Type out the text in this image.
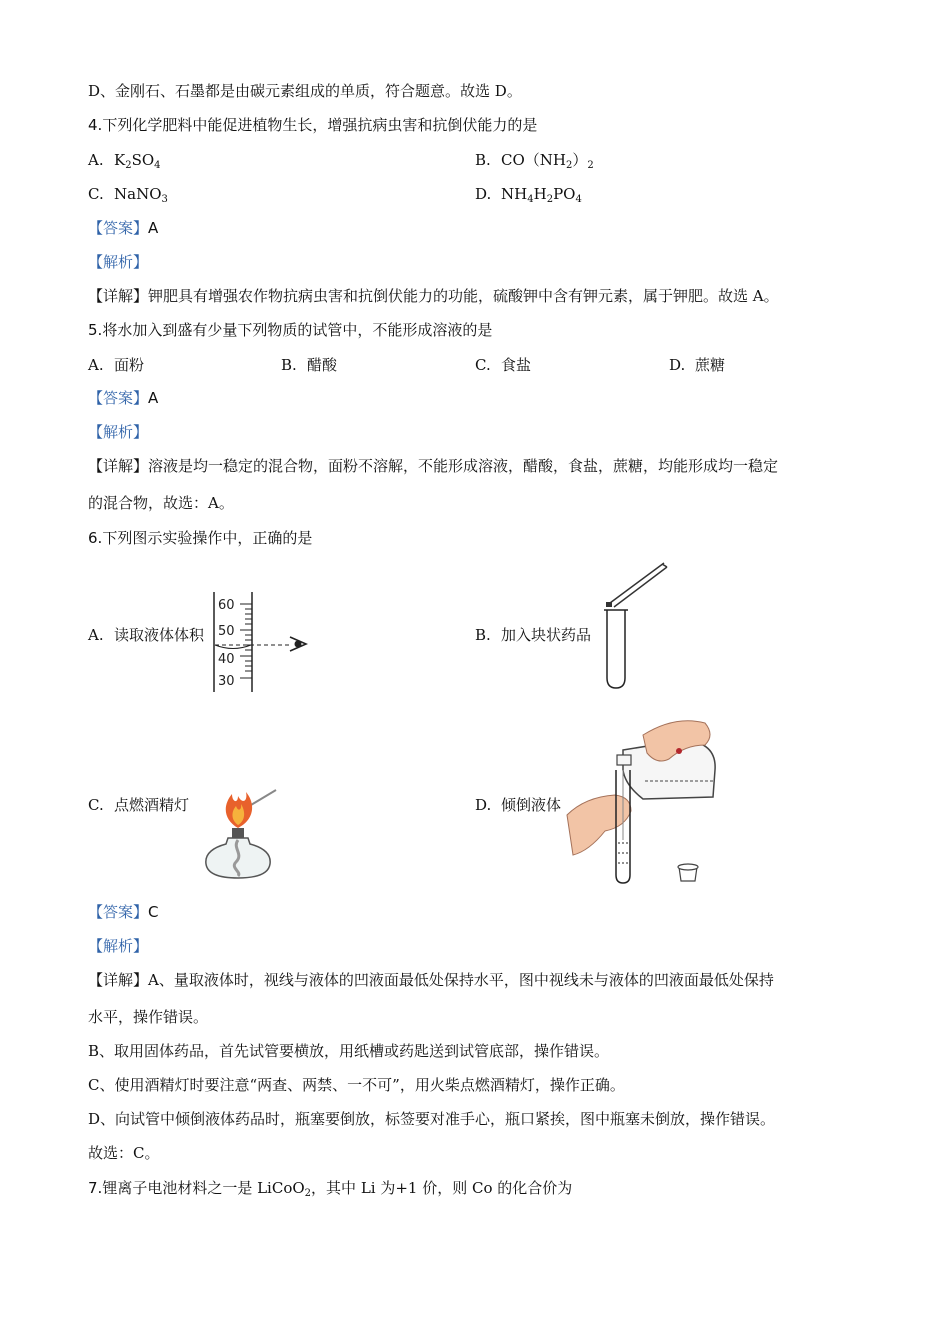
D、金刚石、石墨都是由碳元素组成的单质，符合题意。故选 D。
4.下列化学肥料中能促进植物生长，增强抗病虫害和抗倒伏能力的是
A. $K_2SO_4$	B. $CO(NH_2)_2$
C. NaNO$_3$	D. $NH_4H_2PO_4$
【答案】A
【解析】
【详解】钾肥具有增强农作物抗病虫害和抗倒伏能力的功能，硫酸钾中含有钾元素，属于钾肥。故选 A。
5.将水加入到盛有少量下列物质的试管中，不能形成溶液的是
A. 面粉	B. 醋酸	C. 食盐	D. 蔗糖
【答案】A
【解析】
【详解】溶液是均一稳定的混合物，面粉不溶解，不能形成溶液，醋酸，食盐，蔗糖，均能形成均一稳定
的混合物，故选：A。
6.下列图示实验操作中，正确的是
A. 读取液体体积	B. 加入块状药品
C. 点燃酒精灯	D. 倾倒液体
60
50
40
30
【答案】C
【解析】
【详解】A、量取液体时，视线与液体的凹液面最低处保持水平，图中视线未与液体的凹液面最低处保持
水平，操作错误。
B、取用固体药品，首先试管要横放，用纸槽或药匙送到试管底部，操作错误。
C、使用酒精灯时要注意“两查、两禁、一不可”，用火柴点燃酒精灯，操作正确。
D、向试管中倾倒液体药品时，瓶塞要倒放，标签要对准手心，瓶口紧挨，图中瓶塞未倒放，操作错误。
故选：C。
7.锂离子电池材料之一是 LiCoO$_2$，其中 Li 为+1 价，则 Co 的化合价为
